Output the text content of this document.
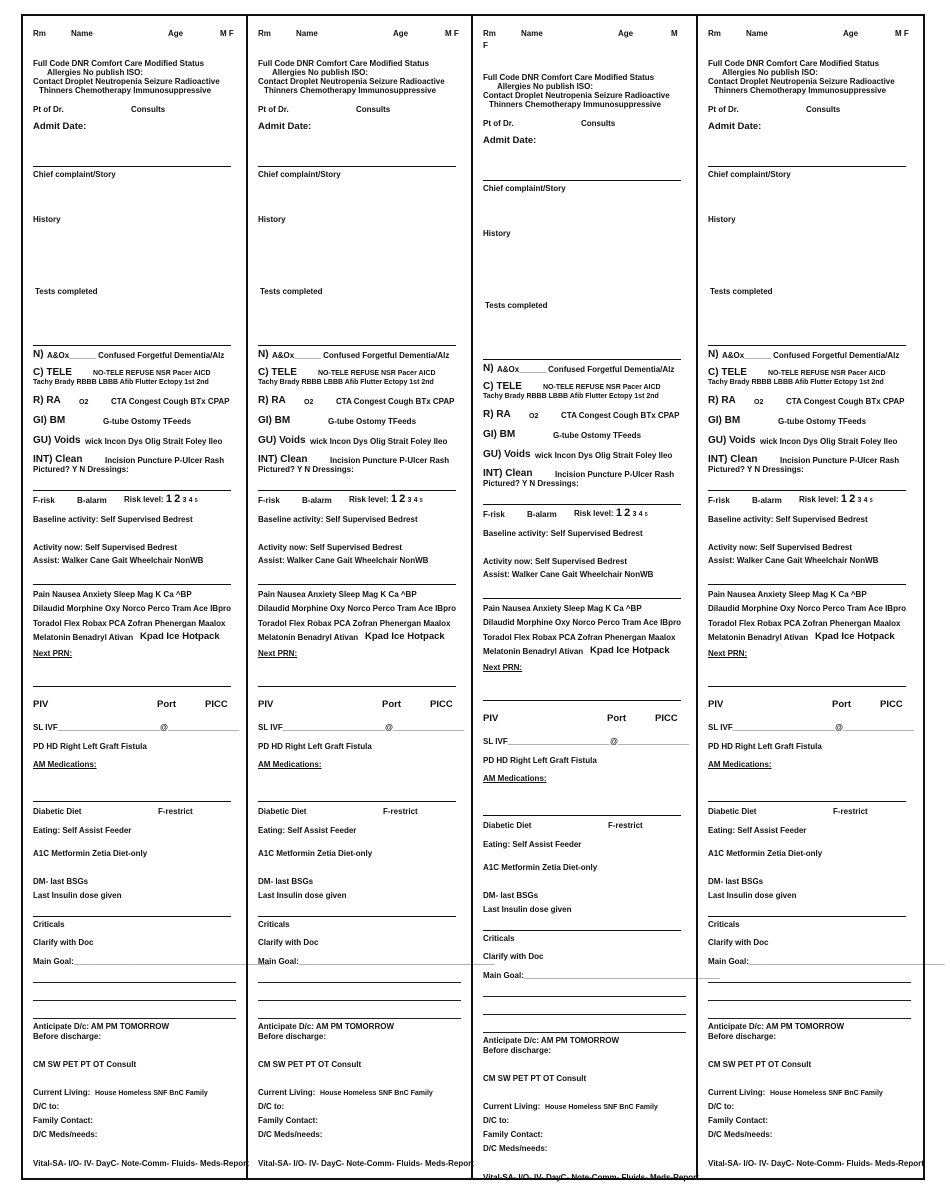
Rm	Name	Age	M F
Full Code DNR Comfort Care Modified Status
Allergies No publish ISO:
Contact Droplet Neutropenia Seizure Radioactive
Thinners Chemotherapy Immunosuppressive
Pt of Dr.	Consults
Admit Date:
Chief complaint/Story
History
Tests completed
N) A&Ox______ Confused Forgetful Dementia/Alz
C) TELE	NO-TELE REFUSE NSR Pacer AICD
Tachy Brady RBBB LBBB Afib Flutter Ectopy 1st 2nd
R) RA	O2	CTA Congest Cough BTx CPAP
GI) BM	G-tube Ostomy TFeeds
GU) Voids wick Incon Dys Olig Strait Foley Ileo
INT) Clean	Incision Puncture P-Ulcer Rash
Pictured? Y N Dressings:
F-risk	B-alarm Risk level: 1 2 3 4 5
Baseline activity: Self Supervised Bedrest
Activity now: Self Supervised Bedrest
Assist: Walker Cane Gait Wheelchair NonWB
Pain Nausea Anxiety Sleep Mag K Ca ^BP
Dilaudid Morphine Oxy Norco Perco Tram Ace IBpro
Toradol Flex Robax PCA Zofran Phenergan Maalox
Melatonin Benadryl Ativan Kpad Ice Hotpack
Next PRN:
PIV	Port	PICC
SL IVF_______________________@________________
PD HD Right Left Graft Fistula
AM Medications:
Diabetic Diet	F-restrict
Eating: Self Assist Feeder
A1C Metformin Zetia Diet-only
DM- last BSGs
Last Insulin dose given
Criticals
Clarify with Doc
Main Goal:____________________________________________
Anticipate D/c: AM PM TOMORROW
Before discharge:
CM SW PET PT OT Consult
Current Living: House Homeless SNF BnC Family
D/C to:
Family Contact:
D/C Meds/needs:
Vital-SA- I/O- IV- DayC- Note-Comm- Fluids- Meds-Report
Rm	Name	Age	M F
Full Code DNR Comfort Care Modified Status
Allergies No publish ISO:
Contact Droplet Neutropenia Seizure Radioactive
Thinners Chemotherapy Immunosuppressive
Pt of Dr.	Consults
Admit Date:
Chief complaint/Story
History
Tests completed
N) A&Ox______ Confused Forgetful Dementia/Alz
C) TELE	NO-TELE REFUSE NSR Pacer AICD
Tachy Brady RBBB LBBB Afib Flutter Ectopy 1st 2nd
R) RA	O2	CTA Congest Cough BTx CPAP
GI) BM	G-tube Ostomy TFeeds
GU) Voids wick Incon Dys Olig Strait Foley Ileo
INT) Clean	Incision Puncture P-Ulcer Rash
Pictured? Y N Dressings:
F-risk	B-alarm Risk level: 1 2 3 4 5
Baseline activity: Self Supervised Bedrest
Activity now: Self Supervised Bedrest
Assist: Walker Cane Gait Wheelchair NonWB
Pain Nausea Anxiety Sleep Mag K Ca ^BP
Dilaudid Morphine Oxy Norco Perco Tram Ace IBpro
Toradol Flex Robax PCA Zofran Phenergan Maalox
Melatonin Benadryl Ativan Kpad Ice Hotpack
Next PRN:
PIV	Port	PICC
SL IVF_______________________@________________
PD HD Right Left Graft Fistula
AM Medications:
Diabetic Diet	F-restrict
Eating: Self Assist Feeder
A1C Metformin Zetia Diet-only
DM- last BSGs
Last Insulin dose given
Criticals
Clarify with Doc
Main Goal:____________________________________________
Anticipate D/c: AM PM TOMORROW
Before discharge:
CM SW PET PT OT Consult
Current Living: House Homeless SNF BnC Family
D/C to:
Family Contact:
D/C Meds/needs:
Vital-SA- I/O- IV- DayC- Note-Comm- Fluids- Meds-Report
Rm	Name	Age	M
F
Full Code DNR Comfort Care Modified Status
Allergies No publish ISO:
Contact Droplet Neutropenia Seizure Radioactive
Thinners Chemotherapy Immunosuppressive
Pt of Dr.	Consults
Admit Date:
Chief complaint/Story
History
Tests completed
N) A&Ox______ Confused Forgetful Dementia/Alz
C) TELE	NO-TELE REFUSE NSR Pacer AICD
Tachy Brady RBBB LBBB Afib Flutter Ectopy 1st 2nd
R) RA	O2	CTA Congest Cough BTx CPAP
GI) BM	G-tube Ostomy TFeeds
GU) Voids wick Incon Dys Olig Strait Foley Ileo
INT) Clean	Incision Puncture P-Ulcer Rash
Pictured? Y N Dressings:
F-risk	B-alarm Risk level: 1 2 3 4 5
Baseline activity: Self Supervised Bedrest
Activity now: Self Supervised Bedrest
Assist: Walker Cane Gait Wheelchair NonWB
Pain Nausea Anxiety Sleep Mag K Ca ^BP
Dilaudid Morphine Oxy Norco Perco Tram Ace IBpro
Toradol Flex Robax PCA Zofran Phenergan Maalox
Melatonin Benadryl Ativan Kpad Ice Hotpack
Next PRN:
PIV	Port	PICC
SL IVF_______________________@________________
PD HD Right Left Graft Fistula
AM Medications:
Diabetic Diet	F-restrict
Eating: Self Assist Feeder
A1C Metformin Zetia Diet-only
DM- last BSGs
Last Insulin dose given
Criticals
Clarify with Doc
Main Goal:____________________________________________
Anticipate D/c: AM PM TOMORROW
Before discharge:
CM SW PET PT OT Consult
Current Living: House Homeless SNF BnC Family
D/C to:
Family Contact:
D/C Meds/needs:
Vital-SA- I/O- IV- DayC- Note-Comm- Fluids- Meds-Report
Rm	Name	Age	M F
Full Code DNR Comfort Care Modified Status
Allergies No publish ISO:
Contact Droplet Neutropenia Seizure Radioactive
Thinners Chemotherapy Immunosuppressive
Pt of Dr.	Consults
Admit Date:
Chief complaint/Story
History
Tests completed
N) A&Ox______ Confused Forgetful Dementia/Alz
C) TELE	NO-TELE REFUSE NSR Pacer AICD
Tachy Brady RBBB LBBB Afib Flutter Ectopy 1st 2nd
R) RA	O2	CTA Congest Cough BTx CPAP
GI) BM	G-tube Ostomy TFeeds
GU) Voids wick Incon Dys Olig Strait Foley Ileo
INT) Clean	Incision Puncture P-Ulcer Rash
Pictured? Y N Dressings:
F-risk	B-alarm Risk level: 1 2 3 4 5
Baseline activity: Self Supervised Bedrest
Activity now: Self Supervised Bedrest
Assist: Walker Cane Gait Wheelchair NonWB
Pain Nausea Anxiety Sleep Mag K Ca ^BP
Dilaudid Morphine Oxy Norco Perco Tram Ace IBpro
Toradol Flex Robax PCA Zofran Phenergan Maalox
Melatonin Benadryl Ativan Kpad Ice Hotpack
Next PRN:
PIV	Port	PICC
SL IVF_______________________@________________
PD HD Right Left Graft Fistula
AM Medications:
Diabetic Diet	F-restrict
Eating: Self Assist Feeder
A1C Metformin Zetia Diet-only
DM- last BSGs
Last Insulin dose given
Criticals
Clarify with Doc
Main Goal:____________________________________________
Anticipate D/c: AM PM TOMORROW
Before discharge:
CM SW PET PT OT Consult
Current Living: House Homeless SNF BnC Family
D/C to:
Family Contact:
D/C Meds/needs:
Vital-SA- I/O- IV- DayC- Note-Comm- Fluids- Meds-Report
